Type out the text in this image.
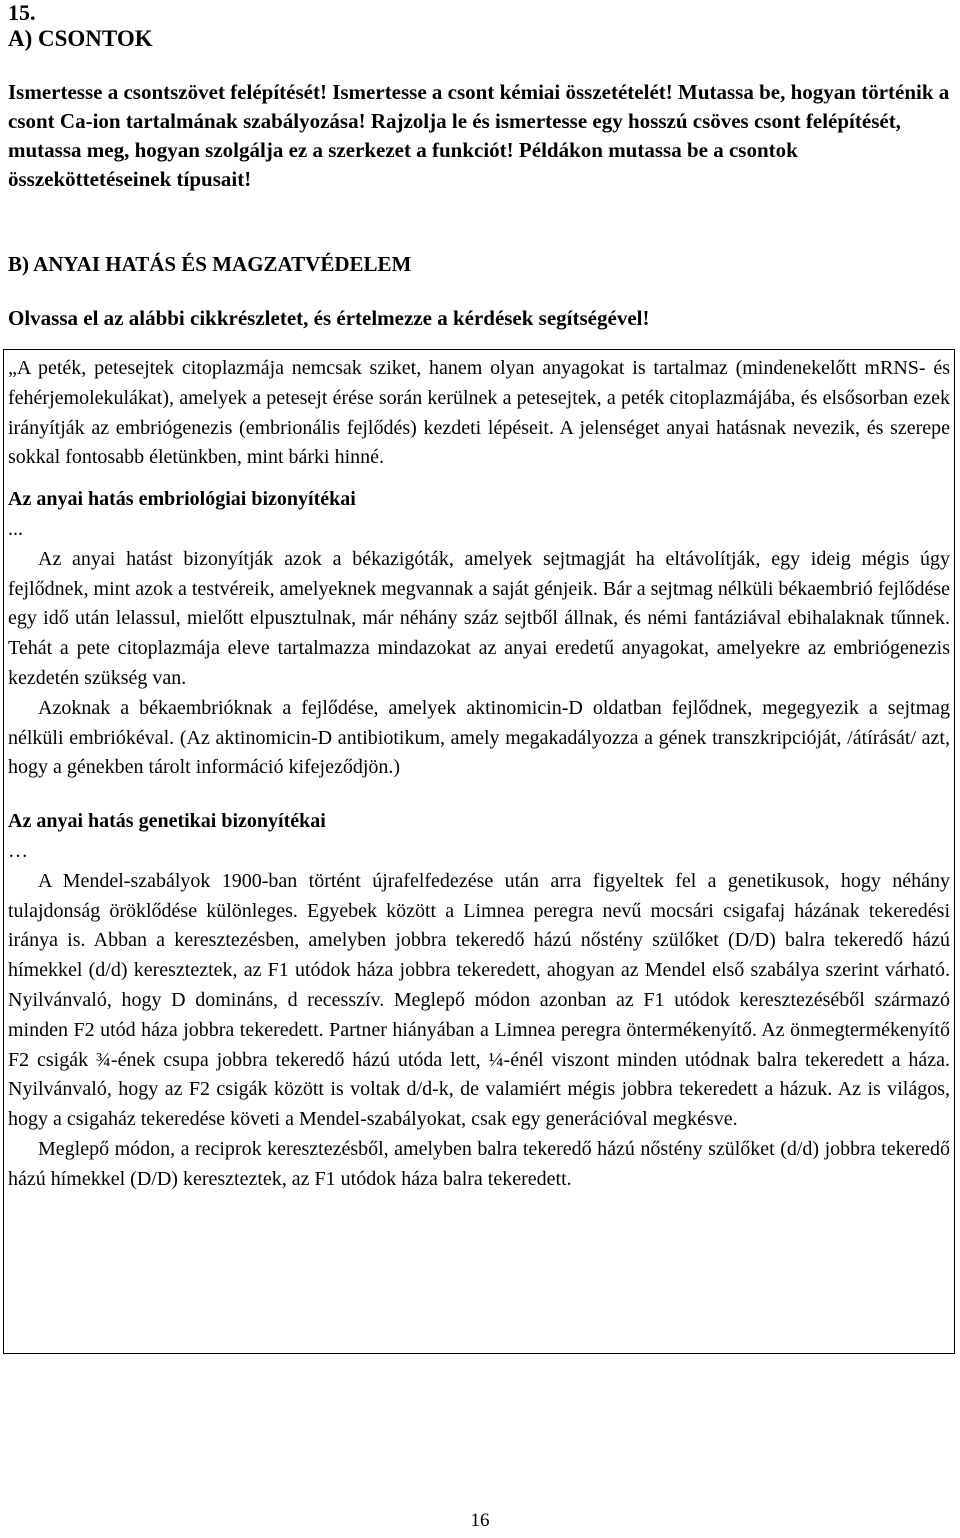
15.

A) CSONTOK

Ismertesse a csontszövet felépítését! Ismertesse a csont kémiai összetételét! Mutassa be, hogyan történik a csont Ca-ion tartalmának szabályozása! Rajzolja le és ismertesse egy hosszú csöves csont felépítését, mutassa meg, hogyan szolgálja ez a szerkezet a funkciót! Példákon mutassa be a csontok összeköttetéseinek típusait!

B) ANYAI HATÁS ÉS MAGZATVÉDELEM

Olvassa el az alábbi cikkrészletet, és értelmezze a kérdések segítségével!

„A peték, petesejtek citoplazmája nemcsak sziket, hanem olyan anyagokat is tartalmaz (mindenekelőtt mRNS- és fehérjemolekulákat), amelyek a petesejt érése során kerülnek a petesejtek, a peték citoplazmájába, és elsősorban ezek irányítják az embriógenezis (embrionális fejlődés) kezdeti lépéseit. A jelenséget anyai hatásnak nevezik, és szerepe sokkal fontosabb életünkben, mint bárki hinné.

Az anyai hatás embriológiai bizonyítékai

...

Az anyai hatást bizonyítják azok a békazigóták, amelyek sejtmagját ha eltávolítják, egy ideig mégis úgy fejlődnek, mint azok a testvéreik, amelyeknek megvannak a saját génjeik. Bár a sejtmag nélküli békaembrió fejlődése egy idő után lelassul, mielőtt elpusztulnak, már néhány száz sejtből állnak, és némi fantáziával ebihalaknak tűnnek. Tehát a pete citoplazmája eleve tartalmazza mindazokat az anyai eredetű anyagokat, amelyekre az embriógenezis kezdetén szükség van.

Azoknak a békaembrióknak a fejlődése, amelyek aktinomicin-D oldatban fejlődnek, megegyezik a sejtmag nélküli embriókéval. (Az aktinomicin-D antibiotikum, amely megakadályozza a gének transzkripcióját, /átírását/ azt, hogy a génekben tárolt információ kifejeződjön.)

Az anyai hatás genetikai bizonyítékai

…

A Mendel-szabályok 1900-ban történt újrafelfedezése után arra figyeltek fel a genetikusok, hogy néhány tulajdonság öröklődése különleges. Egyebek között a Limnea peregra nevű mocsári csigafaj házának tekeredési iránya is. Abban a keresztezésben, amelyben jobbra tekeredő házú nőstény szülőket (D/D) balra tekeredő házú hímekkel (d/d) kereszteztek, az F1 utódok háza jobbra tekeredett, ahogyan az Mendel első szabálya szerint várható. Nyilvánvaló, hogy D domináns, d recesszív. Meglepő módon azonban az F1 utódok keresztezéséből származó minden F2 utód háza jobbra tekeredett. Partner hiányában a Limnea peregra öntermékenyítő. Az önmegtermékenyítő F2 csigák ¾-ének csupa jobbra tekeredő házú utóda lett, ¼-énél viszont minden utódnak balra tekeredett a háza. Nyilvánvaló, hogy az F2 csigák között is voltak d/d-k, de valamiért mégis jobbra tekeredett a házuk. Az is világos, hogy a csigaház tekeredése követi a Mendel-szabályokat, csak egy generációval megkésve.

Meglepő módon, a reciprok keresztezésből, amelyben balra tekeredő házú nőstény szülőket (d/d) jobbra tekeredő házú hímekkel (D/D) kereszteztek, az F1 utódok háza balra tekeredett.

16
